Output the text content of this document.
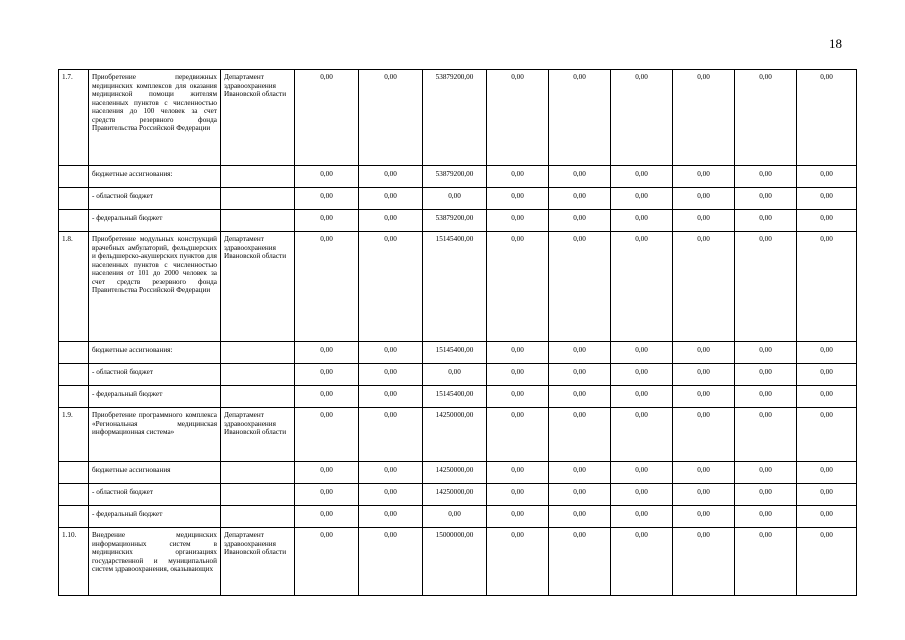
18
1.7.	Приобретение передвижных медицинских комплексов для оказания медицинской помощи жителям населенных пунктов с численностью населения до 100 человек за счет средств резервного фонда Правительства Российской Федерации	Департамент здравоохранения Ивановской области	0,00	0,00	53879200,00	0,00	0,00	0,00	0,00	0,00	0,00
	бюджетные ассигнования:		0,00	0,00	53879200,00	0,00	0,00	0,00	0,00	0,00	0,00
	- областной бюджет		0,00	0,00	0,00	0,00	0,00	0,00	0,00	0,00	0,00
	- федеральный бюджет		0,00	0,00	53879200,00	0,00	0,00	0,00	0,00	0,00	0,00
1.8.	Приобретение модульных конструкций врачебных амбулаторий, фельдшерских и фельдшерско-акушерских пунктов для населенных пунктов с численностью населения от 101 до 2000 человек за счет средств резервного фонда Правительства Российской Федерации	Департамент здравоохранения Ивановской области	0,00	0,00	15145400,00	0,00	0,00	0,00	0,00	0,00	0,00
	бюджетные ассигнования:		0,00	0,00	15145400,00	0,00	0,00	0,00	0,00	0,00	0,00
	- областной бюджет		0,00	0,00	0,00	0,00	0,00	0,00	0,00	0,00	0,00
	- федеральный бюджет		0,00	0,00	15145400,00	0,00	0,00	0,00	0,00	0,00	0,00
1.9.	Приобретение программного комплекса «Региональная медицинская информационная система»	Департамент здравоохранения Ивановской области	0,00	0,00	14250000,00	0,00	0,00	0,00	0,00	0,00	0,00
	бюджетные ассигнования		0,00	0,00	14250000,00	0,00	0,00	0,00	0,00	0,00	0,00
	- областной бюджет		0,00	0,00	14250000,00	0,00	0,00	0,00	0,00	0,00	0,00
	- федеральный бюджет		0,00	0,00	0,00	0,00	0,00	0,00	0,00	0,00	0,00
1.10.	Внедрение медицинских информационных систем в медицинских организациях государственной и муниципальной систем здравоохранения, оказывающих	Департамент здравоохранения Ивановской области	0,00	0,00	15000000,00	0,00	0,00	0,00	0,00	0,00	0,00
